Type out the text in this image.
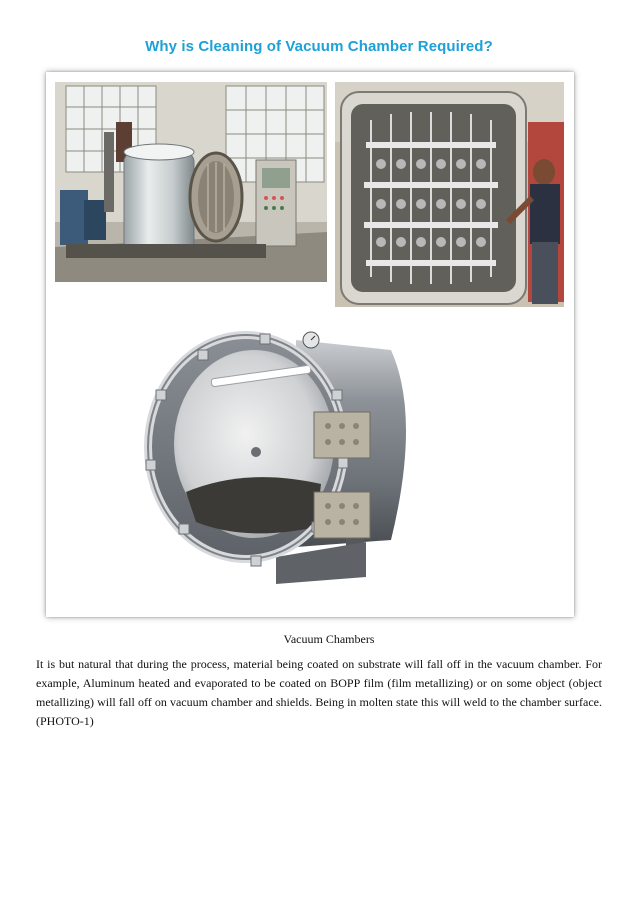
Why is Cleaning of Vacuum Chamber Required?
Vacuum Chambers

It is but natural that during the process, material being coated on substrate will fall off in the vacuum chamber. For example, Aluminum heated and evaporated to be coated on BOPP film (film metallizing) or on some object (object metallizing) will fall off on vacuum chamber and shields. Being in molten state this will weld to the chamber surface. (PHOTO-1)
